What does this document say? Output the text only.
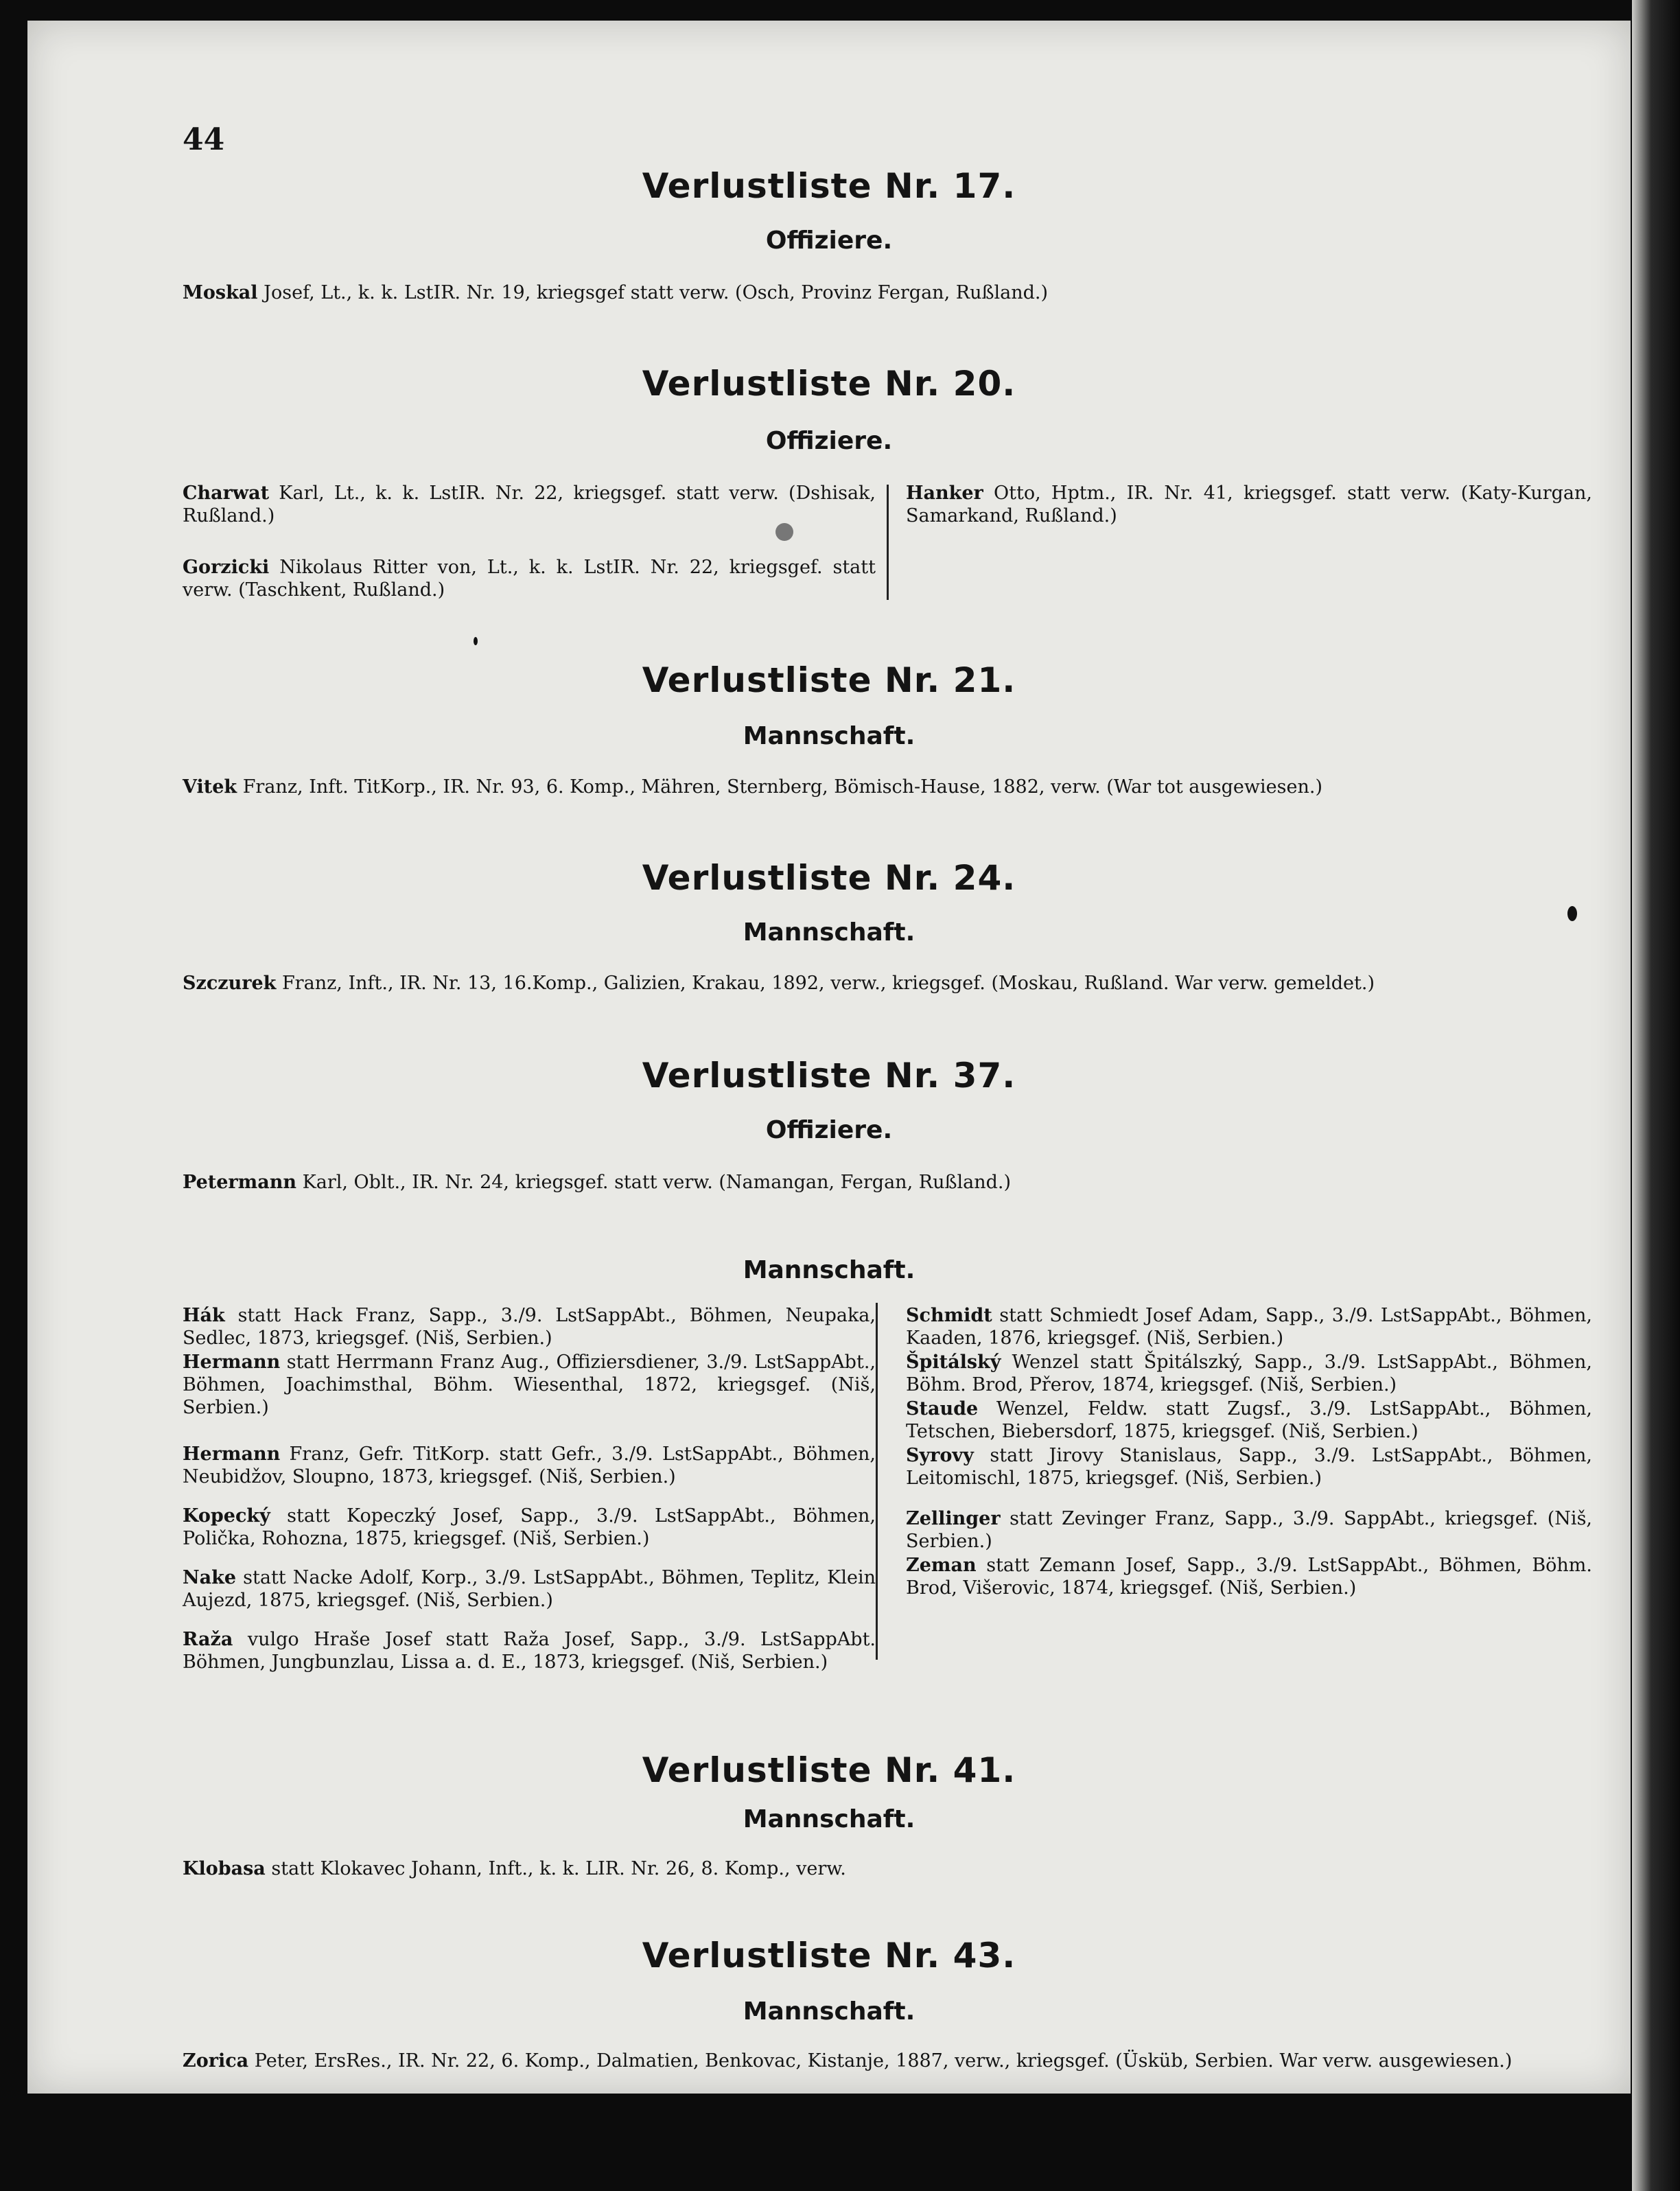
44
Verlustliste Nr. 17.
Offiziere.
Moskal Josef, Lt., k. k. LstIR. Nr. 19, kriegsgef statt verw. (Osch, Provinz Fergan, Rußland.)
Verlustliste Nr. 20.
Offiziere.
Charwat Karl, Lt., k. k. LstIR. Nr. 22, kriegsgef. statt verw. (Dshisak, Rußland.)
Gorzicki Nikolaus Ritter von, Lt., k. k. LstIR. Nr. 22, kriegsgef. statt verw. (Taschkent, Rußland.)
Hanker Otto, Hptm., IR. Nr. 41, kriegsgef. statt verw. (Katy-Kurgan, Samarkand, Rußland.)
Verlustliste Nr. 21.
Mannschaft.
Vitek Franz, Inft. TitKorp., IR. Nr. 93, 6. Komp., Mähren, Sternberg, Bömisch-Hause, 1882, verw. (War tot ausgewiesen.)
Verlustliste Nr. 24.
Mannschaft.
Szczurek Franz, Inft., IR. Nr. 13, 16.Komp., Galizien, Krakau, 1892, verw., kriegsgef. (Moskau, Rußland. War verw. gemeldet.)
Verlustliste Nr. 37.
Offiziere.
Petermann Karl, Oblt., IR. Nr. 24, kriegsgef. statt verw. (Namangan, Fergan, Rußland.)
Mannschaft.
Hák statt Hack Franz, Sapp., 3./9. LstSappAbt., Böhmen, Neupaka, Sedlec, 1873, kriegsgef. (Niš, Serbien.)
Hermann statt Herrmann Franz Aug., Offiziersdiener, 3./9. LstSappAbt., Böhmen, Joachimsthal, Böhm. Wiesenthal, 1872, kriegsgef. (Niš, Serbien.)
Hermann Franz, Gefr. TitKorp. statt Gefr., 3./9. LstSappAbt., Böhmen, Neubidžov, Sloupno, 1873, kriegsgef. (Niš, Serbien.)
Kopecký statt Kopeczký Josef, Sapp., 3./9. LstSappAbt., Böhmen, Polička, Rohozna, 1875, kriegsgef. (Niš, Serbien.)
Nake statt Nacke Adolf, Korp., 3./9. LstSappAbt., Böhmen, Teplitz, Klein Aujezd, 1875, kriegsgef. (Niš, Serbien.)
Raža vulgo Hraše Josef statt Raža Josef, Sapp., 3./9. LstSappAbt. Böhmen, Jungbunzlau, Lissa a. d. E., 1873, kriegsgef. (Niš, Serbien.)
Schmidt statt Schmiedt Josef Adam, Sapp., 3./9. LstSappAbt., Böhmen, Kaaden, 1876, kriegsgef. (Niš, Serbien.)
Špitálský Wenzel statt Špitálszký, Sapp., 3./9. LstSappAbt., Böhmen, Böhm. Brod, Přerov, 1874, kriegsgef. (Niš, Serbien.)
Staude Wenzel, Feldw. statt Zugsf., 3./9. LstSappAbt., Böhmen, Tetschen, Biebersdorf, 1875, kriegsgef. (Niš, Serbien.)
Syrovy statt Jirovy Stanislaus, Sapp., 3./9. LstSappAbt., Böhmen, Leitomischl, 1875, kriegsgef. (Niš, Serbien.)
Zellinger statt Zevinger Franz, Sapp., 3./9. SappAbt., kriegsgef. (Niš, Serbien.)
Zeman statt Zemann Josef, Sapp., 3./9. LstSappAbt., Böhmen, Böhm. Brod, Višerovic, 1874, kriegsgef. (Niš, Serbien.)
Verlustliste Nr. 41.
Mannschaft.
Klobasa statt Klokavec Johann, Inft., k. k. LIR. Nr. 26, 8. Komp., verw.
Verlustliste Nr. 43.
Mannschaft.
Zorica Peter, ErsRes., IR. Nr. 22, 6. Komp., Dalmatien, Benkovac, Kistanje, 1887, verw., kriegsgef. (Üsküb, Serbien. War verw. ausgewiesen.)
